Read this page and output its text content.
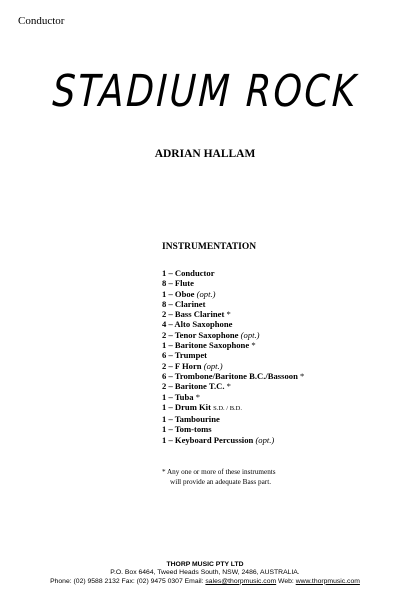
Conductor
STADIUM ROCK
ADRIAN HALLAM
INSTRUMENTATION
1 – Conductor
8 – Flute
1 – Oboe (opt.)
8 – Clarinet
2 – Bass Clarinet *
4 – Alto Saxophone
2 – Tenor Saxophone (opt.)
1 – Baritone Saxophone *
6 – Trumpet
2 – F Horn (opt.)
6 – Trombone/Baritone B.C./Bassoon *
2 – Baritone T.C. *
1 – Tuba *
1 – Drum Kit S.D. / B.D.
1 – Tambourine
1 – Tom-toms
1 – Keyboard Percussion (opt.)
* Any one or more of these instruments
will provide an adequate Bass part.
THORP MUSIC PTY LTD
P.O. Box 6464, Tweed Heads South, NSW, 2486, AUSTRALIA.
Phone: (02) 9588 2132 Fax: (02) 9475 0307 Email: sales@thorpmusic.com Web: www.thorpmusic.com
